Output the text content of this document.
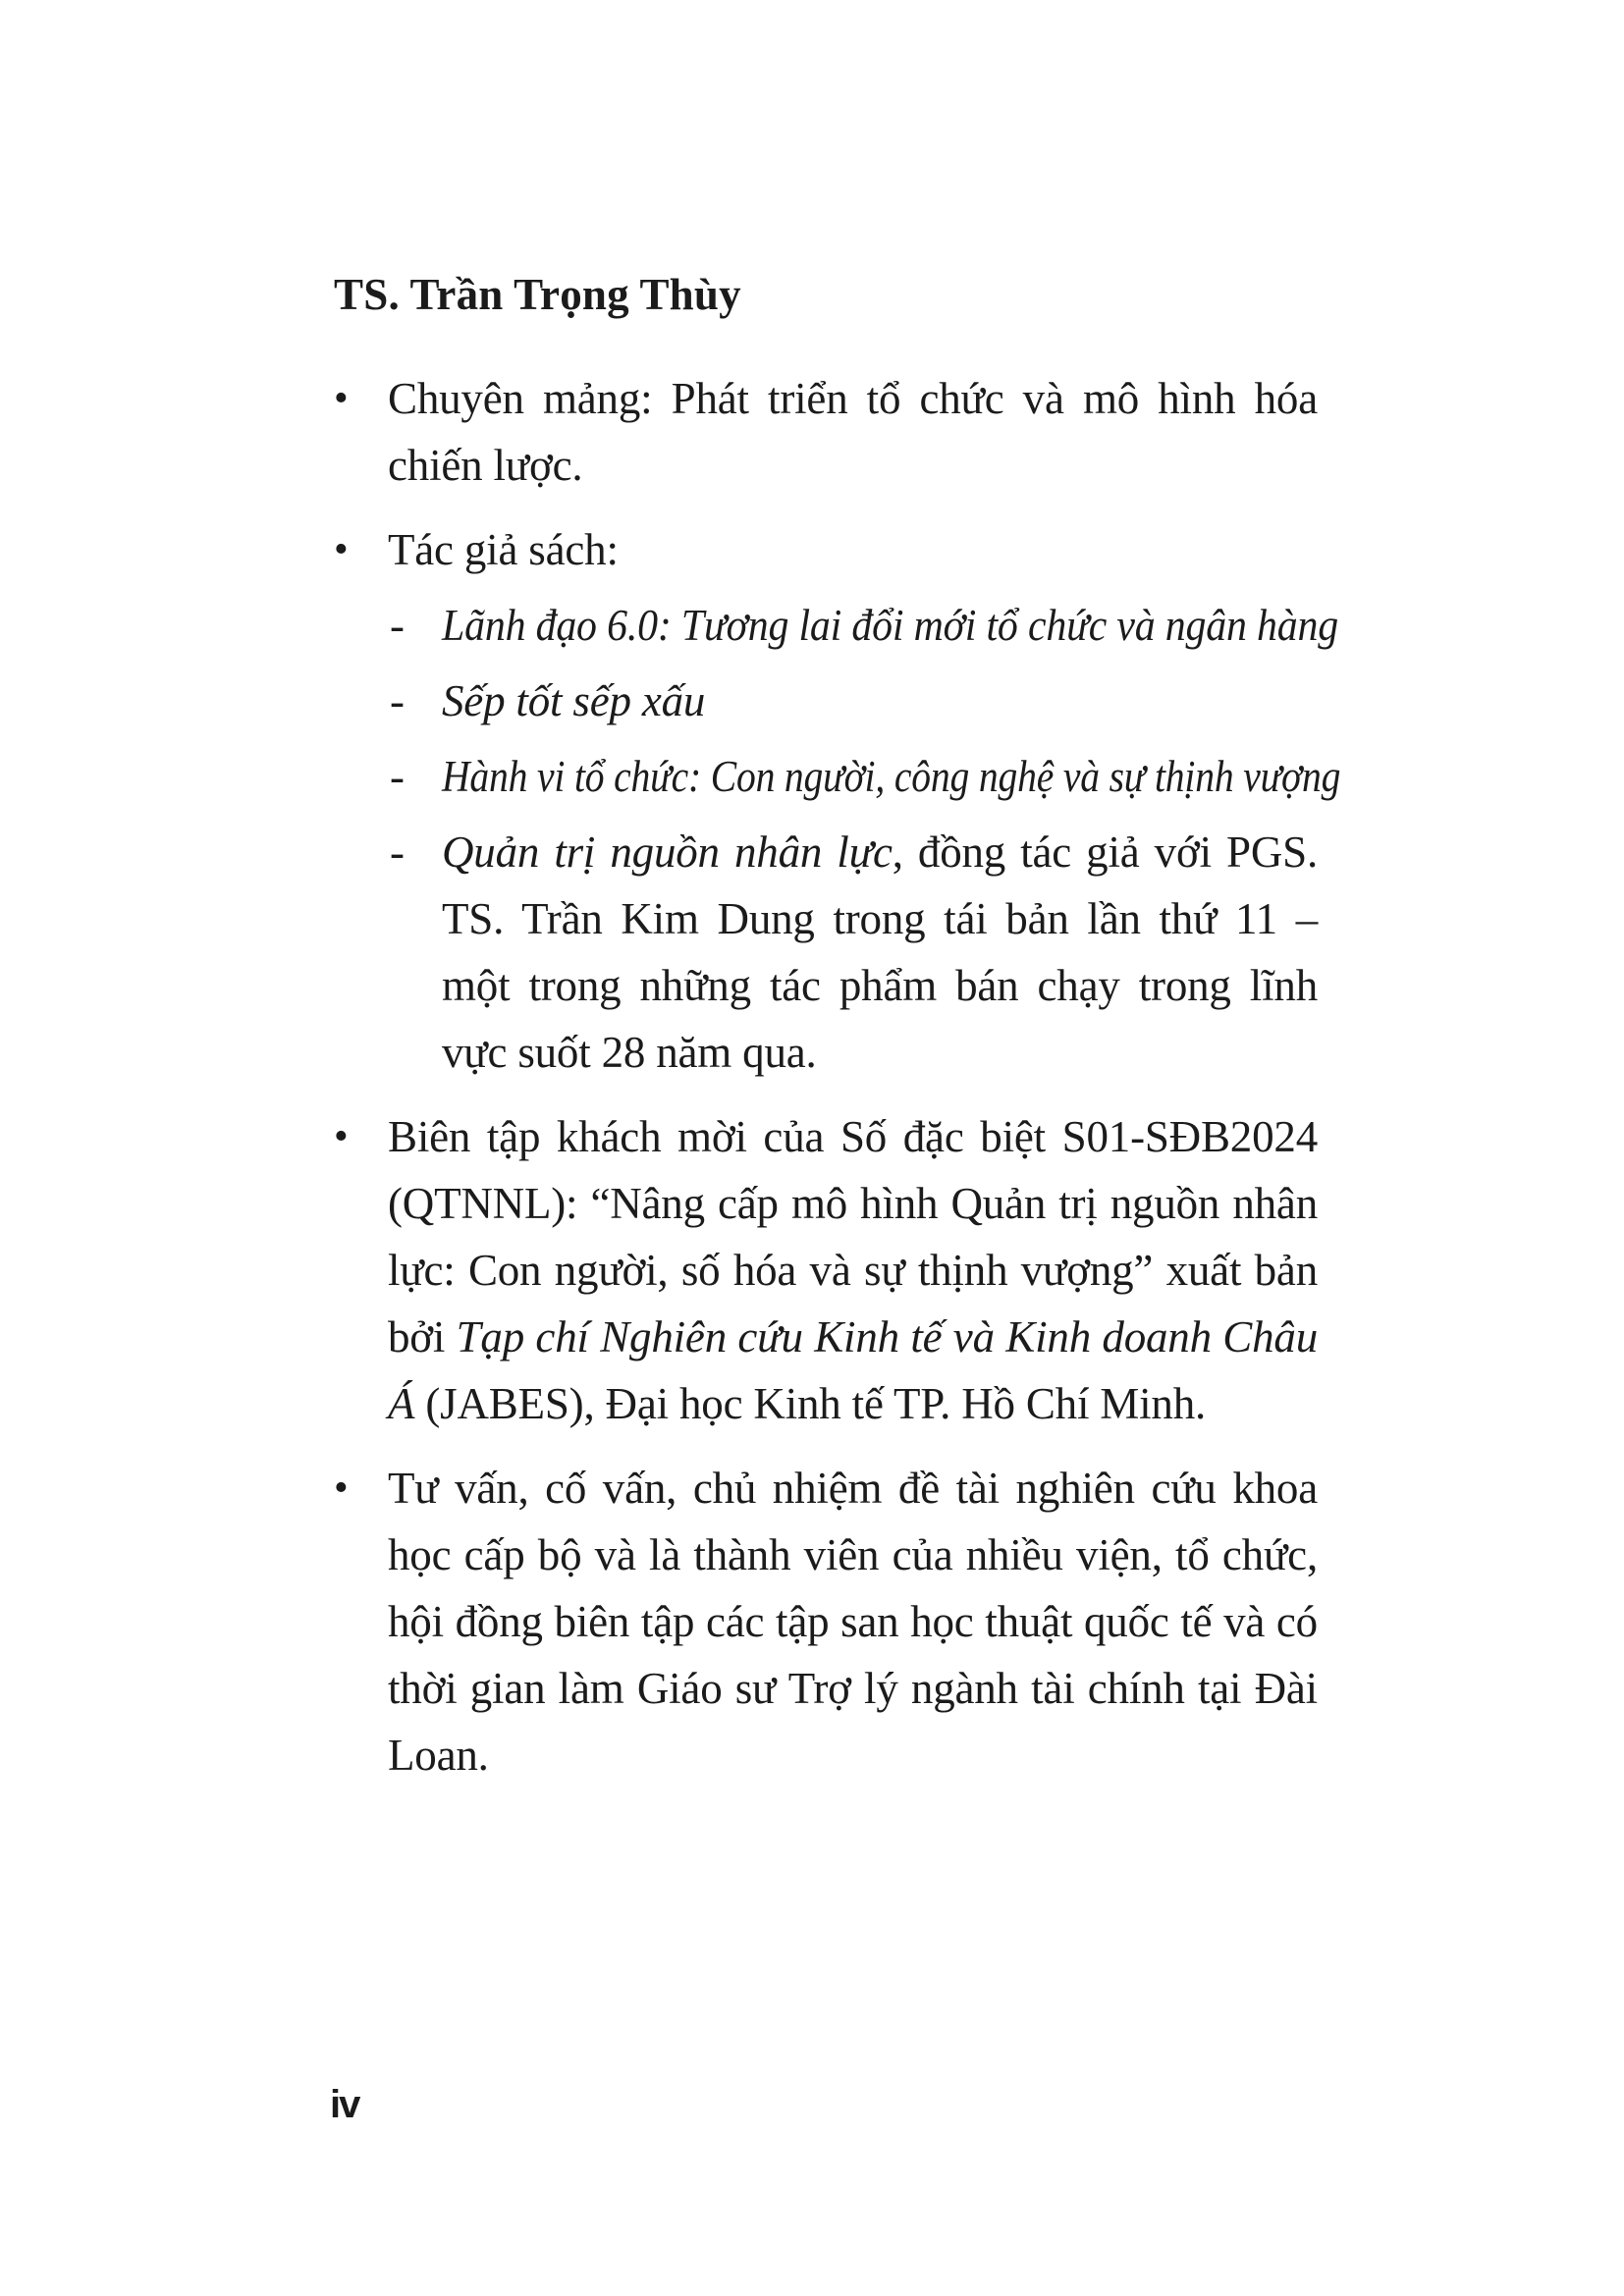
TS. Trần Trọng Thùy
• Chuyên mảng: Phát triển tổ chức và mô hình hóa chiến lược.

• Tác giả sách:

- Lãnh đạo 6.0: Tương lai đổi mới tổ chức và ngân hàng

- Sếp tốt sếp xấu

- Hành vi tổ chức: Con người, công nghệ và sự thịnh vượng

- Quản trị nguồn nhân lực, đồng tác giả với PGS. TS. Trần Kim Dung trong tái bản lần thứ 11 – một trong những tác phẩm bán chạy trong lĩnh vực suốt 28 năm qua.

• Biên tập khách mời của Số đặc biệt S01-SĐB2024 (QTNNL): “Nâng cấp mô hình Quản trị nguồn nhân lực: Con người, số hóa và sự thịnh vượng” xuất bản bởi Tạp chí Nghiên cứu Kinh tế và Kinh doanh Châu Á (JABES), Đại học Kinh tế TP. Hồ Chí Minh.

• Tư vấn, cố vấn, chủ nhiệm đề tài nghiên cứu khoa học cấp bộ và là thành viên của nhiều viện, tổ chức, hội đồng biên tập các tập san học thuật quốc tế và có thời gian làm Giáo sư Trợ lý ngành tài chính tại Đài Loan.

iv
